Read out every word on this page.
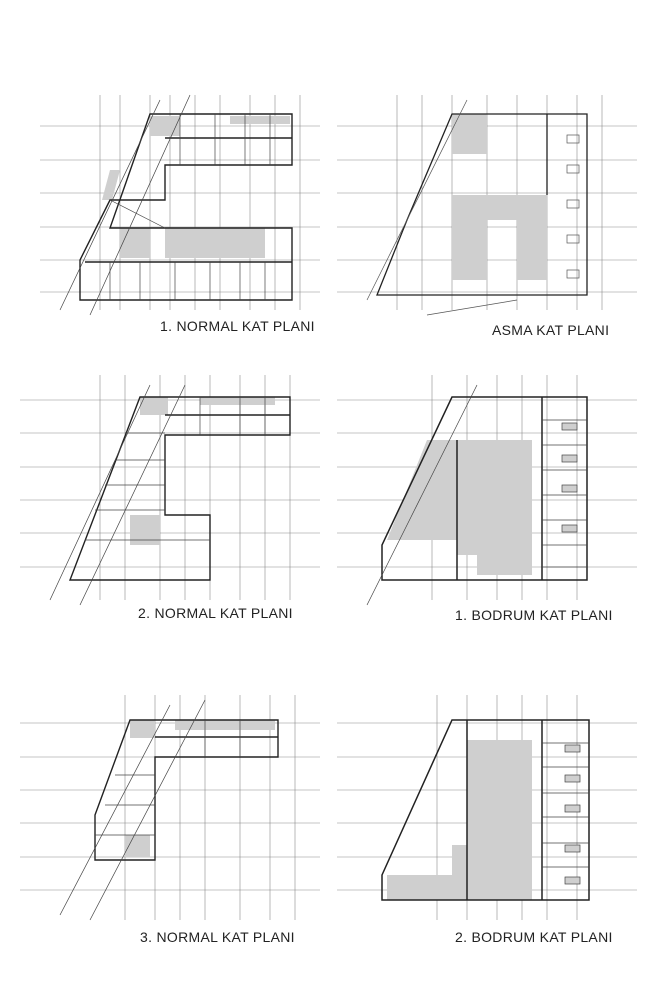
1. NORMAL KAT PLANI	ASMA KAT PLANI
2. NORMAL KAT PLANI	1. BODRUM KAT PLANI
3. NORMAL KAT PLANI	2. BODRUM KAT PLANI
